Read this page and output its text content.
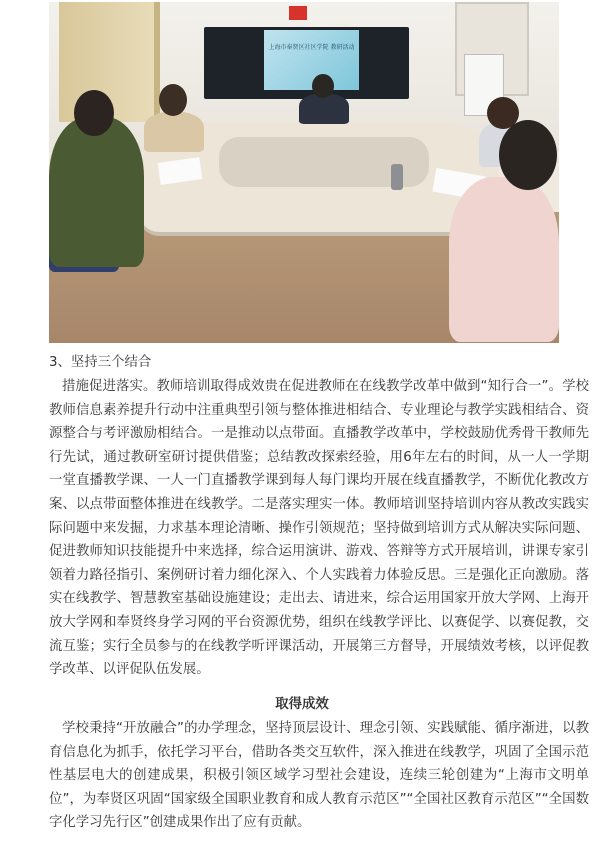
上海市奉贤区社区学院 教研活动
3、坚持三个结合

措施促进落实。教师培训取得成效贵在促进教师在在线教学改革中做到“知行合一”。学校教师信息素养提升行动中注重典型引领与整体推进相结合、专业理论与教学实践相结合、资源整合与考评激励相结合。一是推动以点带面。直播教学改革中，学校鼓励优秀骨干教师先行先试，通过教研室研讨提供借鉴；总结教改探索经验，用6年左右的时间，从一人一学期一堂直播教学课、一人一门直播教学课到每人每门课均开展在线直播教学，不断优化教改方案、以点带面整体推进在线教学。二是落实理实一体。教师培训坚持培训内容从教改实践实际问题中来发掘，力求基本理论清晰、操作引领规范；坚持做到培训方式从解决实际问题、促进教师知识技能提升中来选择，综合运用演讲、游戏、答辩等方式开展培训，讲课专家引领着力路径指引、案例研讨着力细化深入、个人实践着力体验反思。三是强化正向激励。落实在线教学、智慧教室基础设施建设；走出去、请进来，综合运用国家开放大学网、上海开放大学网和奉贤终身学习网的平台资源优势，组织在线教学评比、以赛促学、以赛促教，交流互鉴；实行全员参与的在线教学听评课活动，开展第三方督导，开展绩效考核，以评促教学改革、以评促队伍发展。

取得成效

学校秉持“开放融合”的办学理念，坚持顶层设计、理念引领、实践赋能、循序渐进，以教育信息化为抓手，依托学习平台，借助各类交互软件，深入推进在线教学，巩固了全国示范性基层电大的创建成果，积极引领区域学习型社会建设，连续三轮创建为“上海市文明单位”，为奉贤区巩固“国家级全国职业教育和成人教育示范区”“全国社区教育示范区”“全国数字化学习先行区”创建成果作出了应有贡献。
